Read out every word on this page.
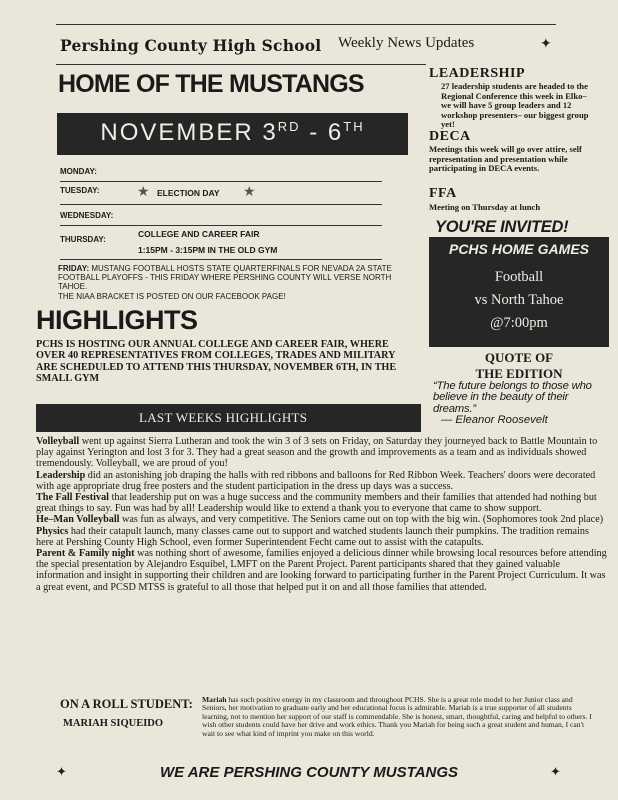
Pershing County High School Weekly News Updates	✦
HOME OF THE MUSTANGS
NOVEMBER 3RD - 6TH
MONDAY:
TUESDAY:	★ ELECTION DAY ★
WEDNESDAY:
THURSDAY:
COLLEGE AND CAREER FAIR
1:15PM - 3:15PM IN THE OLD GYM
FRIDAY: MUSTANG FOOTBALL HOSTS STATE QUARTERFINALS FOR NEVADA 2A STATE FOOTBALL PLAYOFFS - THIS FRIDAY WHERE PERSHING COUNTY WILL VERSE NORTH TAHOE.
THE NIAA BRACKET IS POSTED ON OUR FACEBOOK PAGE!
HIGHLIGHTS
PCHS IS HOSTING OUR ANNUAL COLLEGE AND CAREER FAIR, WHERE OVER 40 REPRESENTATIVES FROM COLLEGES, TRADES AND MILITARY ARE SCHEDULED TO ATTEND THIS THURSDAY, NOVEMBER 6TH, IN THE SMALL GYM
LAST WEEKS HIGHLIGHTS
LEADERSHIP
27 leadership students are headed to the Regional Conference this week in Elko– we will have 5 group leaders and 12 workshop presenters– our biggest group yet!
DECA
Meetings this week will go over attire, self representation and presentation while participating in DECA events.
FFA
Meeting on Thursday at lunch
YOU'RE INVITED!
PCHS HOME GAMES
Football
vs North Tahoe
@7:00pm
QUOTE OF
THE EDITION
“The future belongs to those who believe in the beauty of their dreams.”
— Eleanor Roosevelt

Volleyball went up against Sierra Lutheran and took the win 3 of 3 sets on Friday, on Saturday they journeyed back to Battle Mountain to play against Yerington and lost 3 for 3. They had a great season and the growth and improvements as a team and as individuals showed tremendously. Volleyball, we are proud of you!

Leadership did an astonishing job draping the halls with red ribbons and balloons for Red Ribbon Week. Teachers' doors were decorated with age appropriate drug free posters and the student participation in the dress up days was a success.

The Fall Festival that leadership put on was a huge success and the community members and their families that attended had nothing but great things to say. Fun was had by all! Leadership would like to extend a thank you to everyone that came to show support.

He–Man Volleyball was fun as always, and very competitive. The Seniors came out on top with the big win. (Sophomores took 2nd place)

Physics had their catapult launch, many classes came out to support and watched students launch their pumpkins. The tradition remains here at Pershing County High School, even former Superintendent Fecht came out to assist with the catapults.

Parent & Family night was nothing short of awesome, families enjoyed a delicious dinner while browsing local resources before attending the special presentation by Alejandro Esquibel, LMFT on the Parent Project. Parent participants shared that they gained valuable information and insight in supporting their children and are looking forward to participating further in the Parent Project Curriculum. It was a great event, and PCSD MTSS is grateful to all those that helped put it on and all those families that attended.

ON A ROLL STUDENT:
MARIAH SIQUEIDO
Mariah has such positive energy in my classroom and throughout PCHS. She is a great role model to her Junior class and Seniors, her motivation to graduate early and her educational focus is admirable. Mariah is a true supporter of all students learning, not to mention her support of our staff is commendable. She is honest, smart, thoughtful, caring and helpful to others. I wish other students could have her drive and work ethics. Thank you Mariah for being such a great student and human, I can't wait to see what kind of imprint you make on this world.
✦	WE ARE PERSHING COUNTY MUSTANGS	✦
